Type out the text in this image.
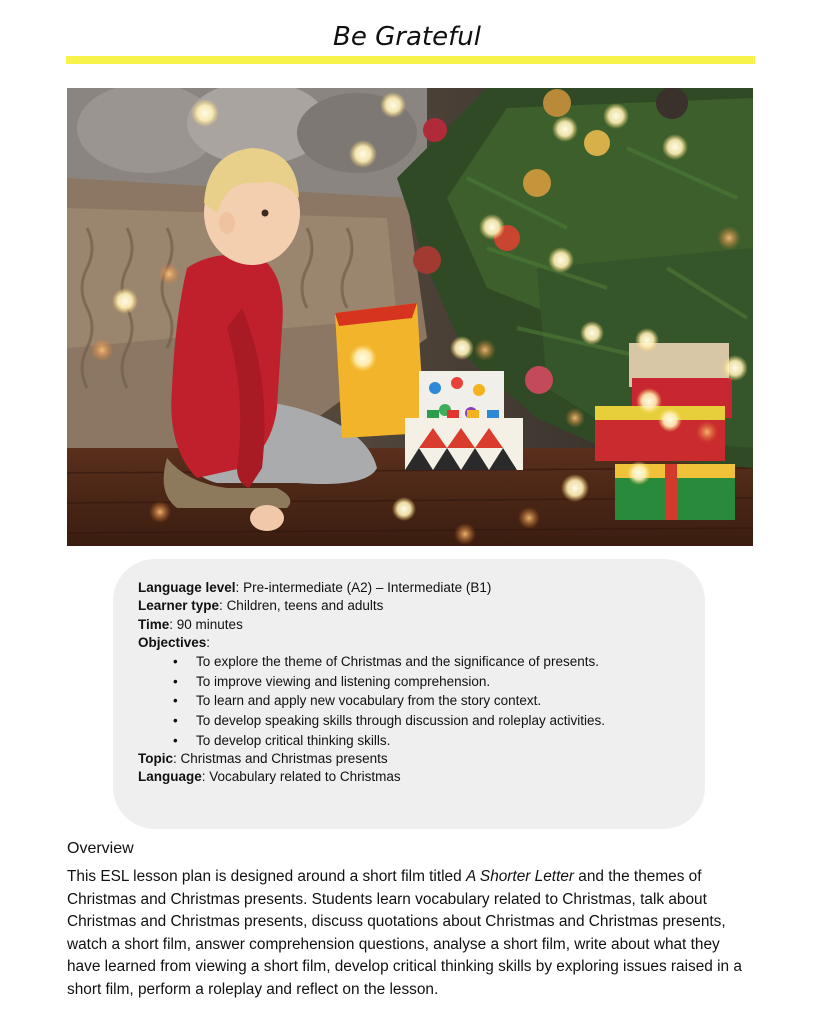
Be Grateful
Language level: Pre-intermediate (A2) – Intermediate (B1)
Learner type: Children, teens and adults
Time: 90 minutes
Objectives:
• To explore the theme of Christmas and the significance of presents.
• To improve viewing and listening comprehension.
• To learn and apply new vocabulary from the story context.
• To develop speaking skills through discussion and roleplay activities.
• To develop critical thinking skills.
Topic: Christmas and Christmas presents
Language: Vocabulary related to Christmas
Overview
This ESL lesson plan is designed around a short film titled A Shorter Letter and the themes of Christmas and Christmas presents. Students learn vocabulary related to Christmas, talk about Christmas and Christmas presents, discuss quotations about Christmas and Christmas presents, watch a short film, answer comprehension questions, analyse a short film, write about what they have learned from viewing a short film, develop critical thinking skills by exploring issues raised in a short film, perform a roleplay and reflect on the lesson.
